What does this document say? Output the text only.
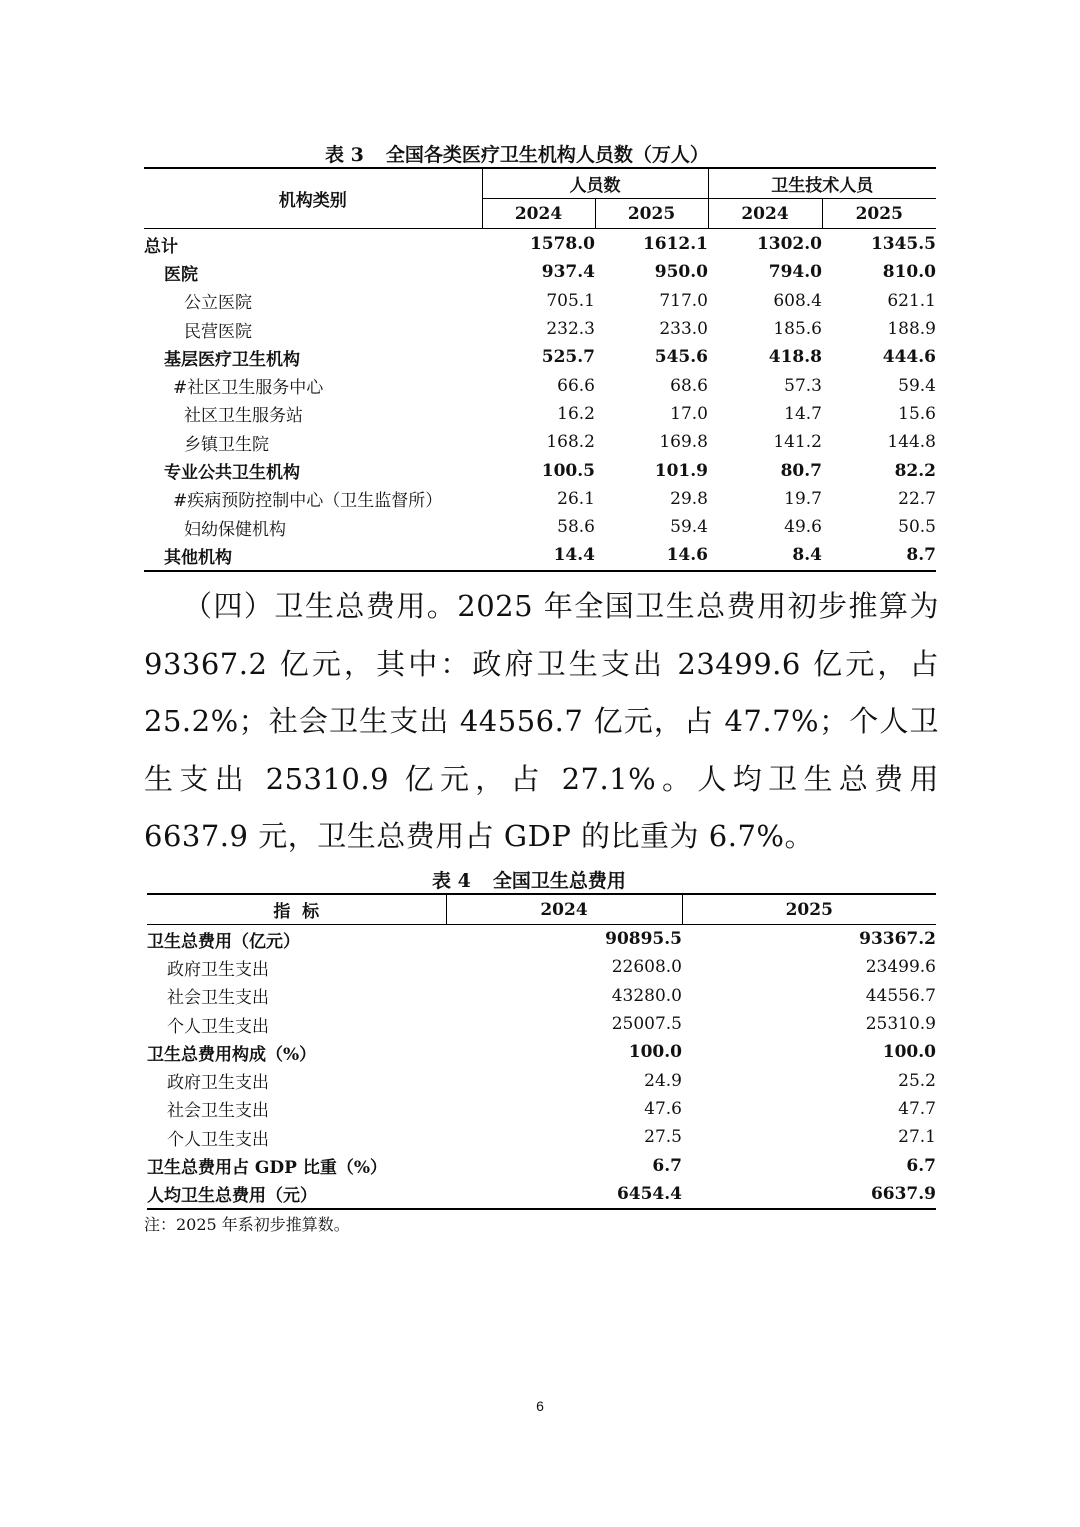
表 3 全国各类医疗卫生机构人员数（万人）
机构类别	人员数		卫生技术人员	
	2024	2025	2024	2025
总计	1578.0	1612.1	1302.0	1345.5
医院	937.4	950.0	794.0	810.0
公立医院	705.1	717.0	608.4	621.1
民营医院	232.3	233.0	185.6	188.9
基层医疗卫生机构	525.7	545.6	418.8	444.6
#社区卫生服务中心	66.6	68.6	57.3	59.4
社区卫生服务站	16.2	17.0	14.7	15.6
乡镇卫生院	168.2	169.8	141.2	144.8
专业公共卫生机构	100.5	101.9	80.7	82.2
#疾病预防控制中心（卫生监督所）	26.1	29.8	19.7	22.7
妇幼保健机构	58.6	59.4	49.6	50.5
其他机构	14.4	14.6	8.4	8.7
（四）卫生总费用。2025 年全国卫生总费用初步推算为 93367.2 亿元，其中：政府卫生支出 23499.6 亿元，占 25.2%；社会卫生支出 44556.7 亿元，占 47.7%；个人卫生支出 25310.9 亿元，占 27.1%。人均卫生总费用 6637.9 元，卫生总费用占 GDP 的比重为 6.7%。
表 4 全国卫生总费用
指  标	2024	2025
卫生总费用（亿元）	90895.5	93367.2
政府卫生支出	22608.0	23499.6
社会卫生支出	43280.0	44556.7
个人卫生支出	25007.5	25310.9
卫生总费用构成（%）	100.0	100.0
政府卫生支出	24.9	25.2
社会卫生支出	47.6	47.7
个人卫生支出	27.5	27.1
卫生总费用占 GDP 比重（%）	6.7	6.7
人均卫生总费用（元）	6454.4	6637.9
注：2025 年系初步推算数。
6
